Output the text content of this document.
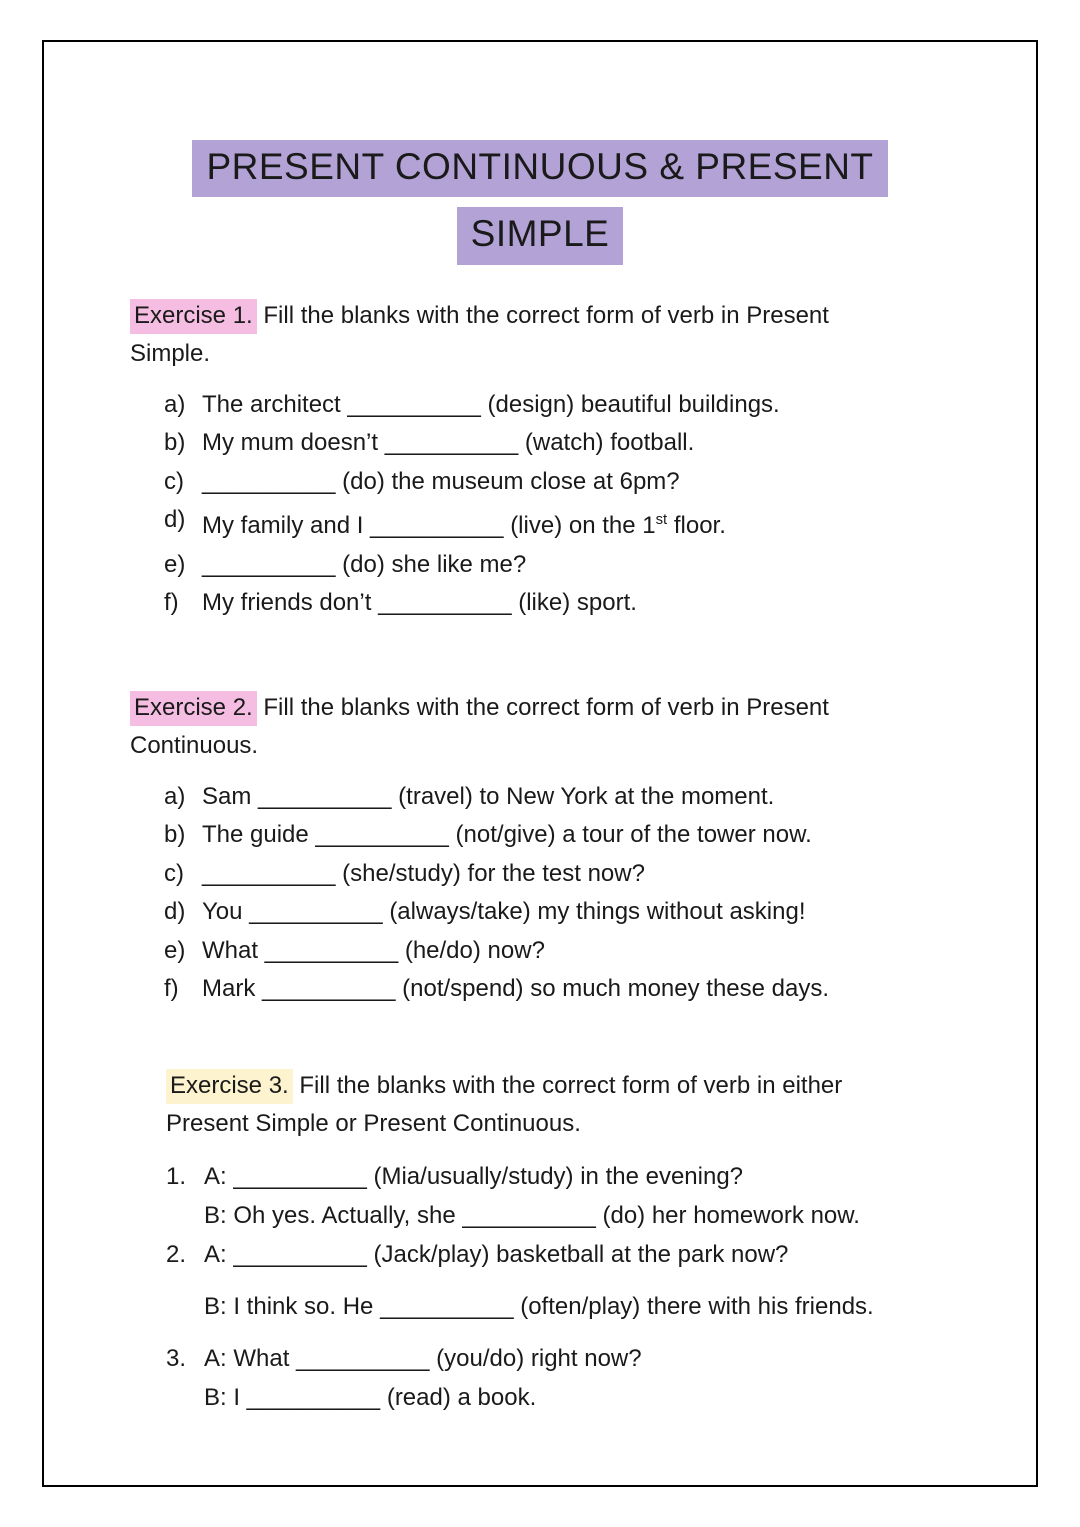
PRESENT CONTINUOUS & PRESENT
SIMPLE

Exercise 1. Fill the blanks with the correct form of verb in Present
Simple.

a) The architect __________ (design) beautiful buildings.
b) My mum doesn’t __________ (watch) football.
c) __________ (do) the museum close at 6pm?
d) My family and I __________ (live) on the 1st floor.
e) __________ (do) she like me?
f) My friends don’t __________ (like) sport.

Exercise 2. Fill the blanks with the correct form of verb in Present
Continuous.

a) Sam __________ (travel) to New York at the moment.
b) The guide __________ (not/give) a tour of the tower now.
c) __________ (she/study) for the test now?
d) You __________ (always/take) my things without asking!
e) What __________ (he/do) now?
f) Mark __________ (not/spend) so much money these days.

Exercise 3. Fill the blanks with the correct form of verb in either
Present Simple or Present Continuous.

1. A: __________ (Mia/usually/study) in the evening?
B: Oh yes. Actually, she __________ (do) her homework now.
2. A: __________ (Jack/play) basketball at the park now?
B: I think so. He __________ (often/play) there with his friends.
3. A: What __________ (you/do) right now?
B: I __________ (read) a book.
